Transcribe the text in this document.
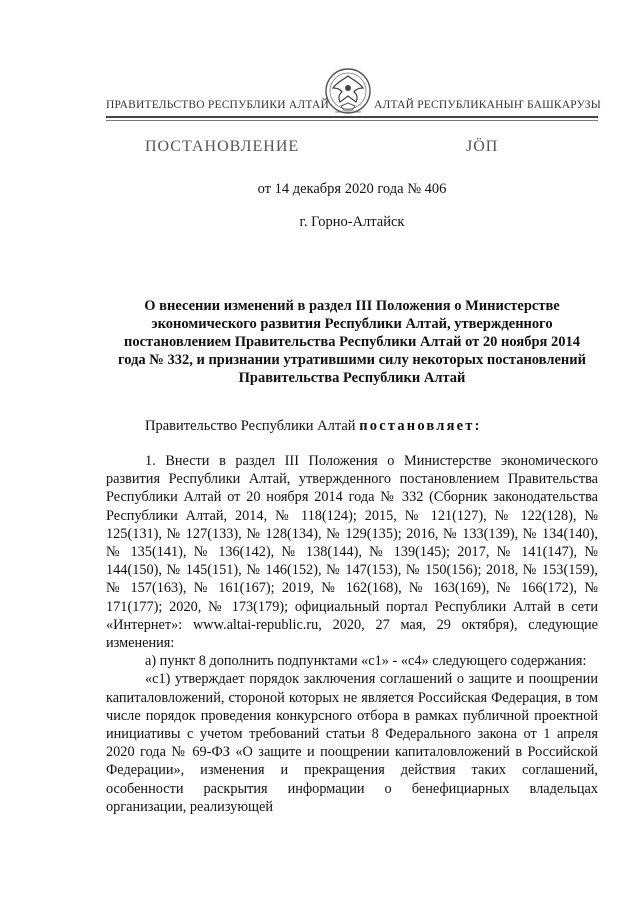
ПРАВИТЕЛЬСТВО РЕСПУБЛИКИ АЛТАЙ	АЛТАЙ РЕСПУБЛИКАНЫҤ БАШКАРУЗЫ
ПОСТАНОВЛЕНИЕ	JÖП
от 14 декабря 2020 года № 406
г. Горно-Алтайск
О внесении изменений в раздел III Положения о Министерстве экономического развития Республики Алтай, утвержденного постановлением Правительства Республики Алтай от 20 ноября 2014 года № 332, и признании утратившими силу некоторых постановлений Правительства Республики Алтай
Правительство Республики Алтай постановляет:

1. Внести в раздел III Положения о Министерстве экономического развития Республики Алтай, утвержденного постановлением Правительства Республики Алтай от 20 ноября 2014 года № 332 (Сборник законодательства Республики Алтай, 2014, № 118(124); 2015, № 121(127), № 122(128), № 125(131), № 127(133), № 128(134), № 129(135); 2016, № 133(139), № 134(140), № 135(141), № 136(142), № 138(144), № 139(145); 2017, № 141(147), № 144(150), № 145(151), № 146(152), № 147(153), № 150(156); 2018, № 153(159), № 157(163), № 161(167); 2019, № 162(168), № 163(169), № 166(172), № 171(177); 2020, № 173(179); официальный портал Республики Алтай в сети «Интернет»: www.altai-republic.ru, 2020, 27 мая, 29 октября), следующие изменения:

а) пункт 8 дополнить подпунктами «с1» - «с4» следующего содержания:

«с1) утверждает порядок заключения соглашений о защите и поощрении капиталовложений, стороной которых не является Российская Федерация, в том числе порядок проведения конкурсного отбора в рамках публичной проектной инициативы с учетом требований статьи 8 Федерального закона от 1 апреля 2020 года № 69-ФЗ «О защите и поощрении капиталовложений в Российской Федерации», изменения и прекращения действия таких соглашений, особенности раскрытия информации о бенефициарных владельцах организации, реализующей
